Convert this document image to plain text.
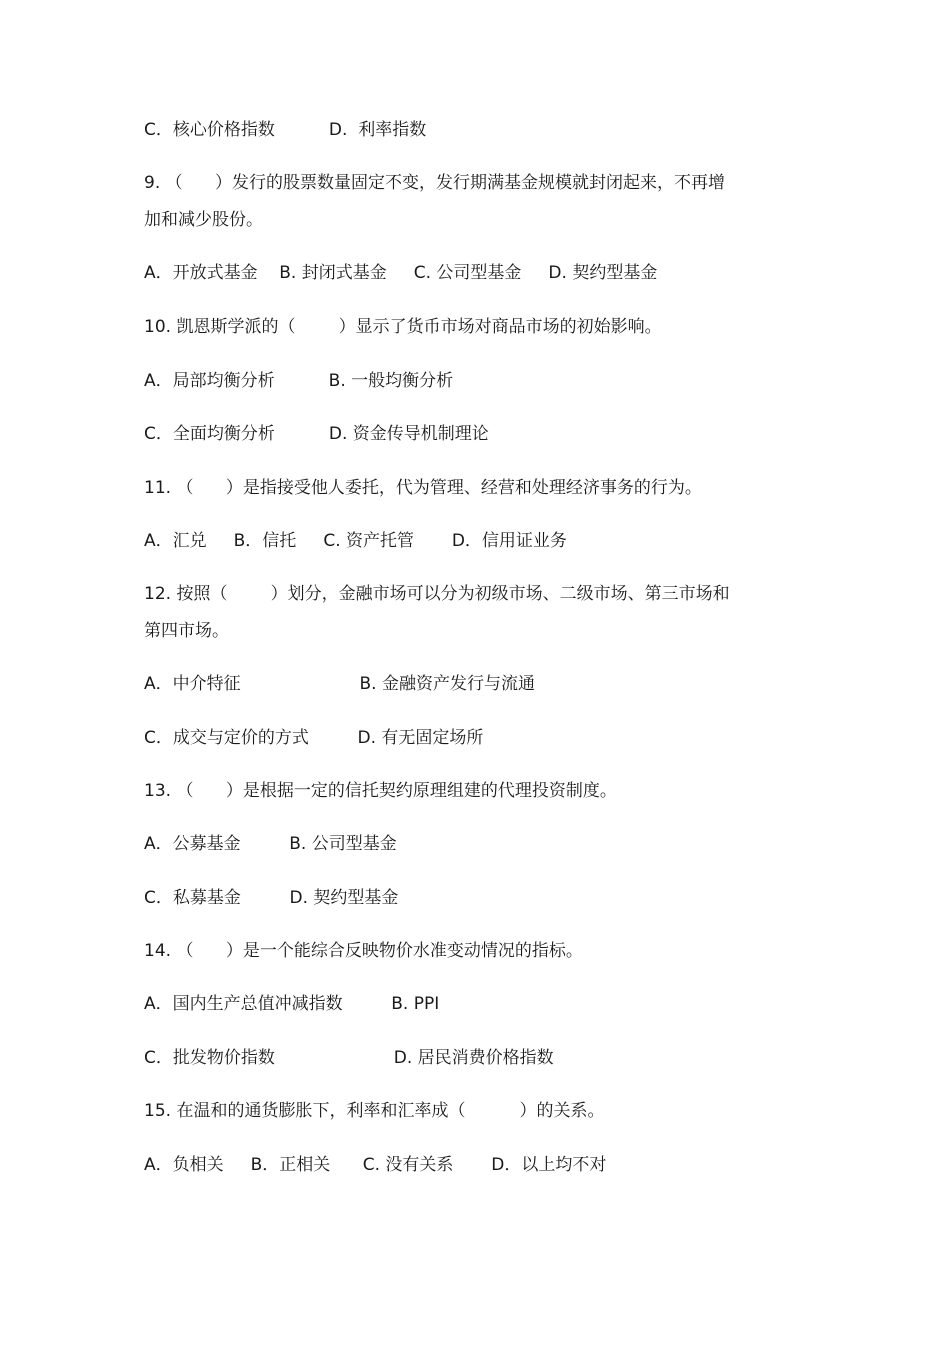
C．核心价格指数          D.  利率指数

9. （      ）发行的股票数量固定不变，发行期满基金规模就封闭起来，不再增

加和减少股份。

A．开放式基金    B. 封闭式基金     C. 公司型基金     D. 契约型基金

10. 凯恩斯学派的（        ）显示了货币市场对商品市场的初始影响。

A．局部均衡分析          B. 一般均衡分析

C．全面均衡分析          D. 资金传导机制理论

11. （      ）是指接受他人委托，代为管理、经营和处理经济事务的行为。

A．汇兑     B．信托     C. 资产托管       D．信用证业务

12. 按照（        ）划分，金融市场可以分为初级市场、二级市场、第三市场和

第四市场。

A．中介特征                      B. 金融资产发行与流通

C．成交与定价的方式         D. 有无固定场所

13. （      ）是根据一定的信托契约原理组建的代理投资制度。

A．公募基金         B. 公司型基金

C．私募基金         D. 契约型基金

14. （      ）是一个能综合反映物价水准变动情况的指标。

A．国内生产总值冲减指数         B. PPI

C．批发物价指数                      D. 居民消费价格指数

15. 在温和的通货膨胀下，利率和汇率成（          ）的关系。

A．负相关     B．正相关      C. 没有关系       D．以上均不对
